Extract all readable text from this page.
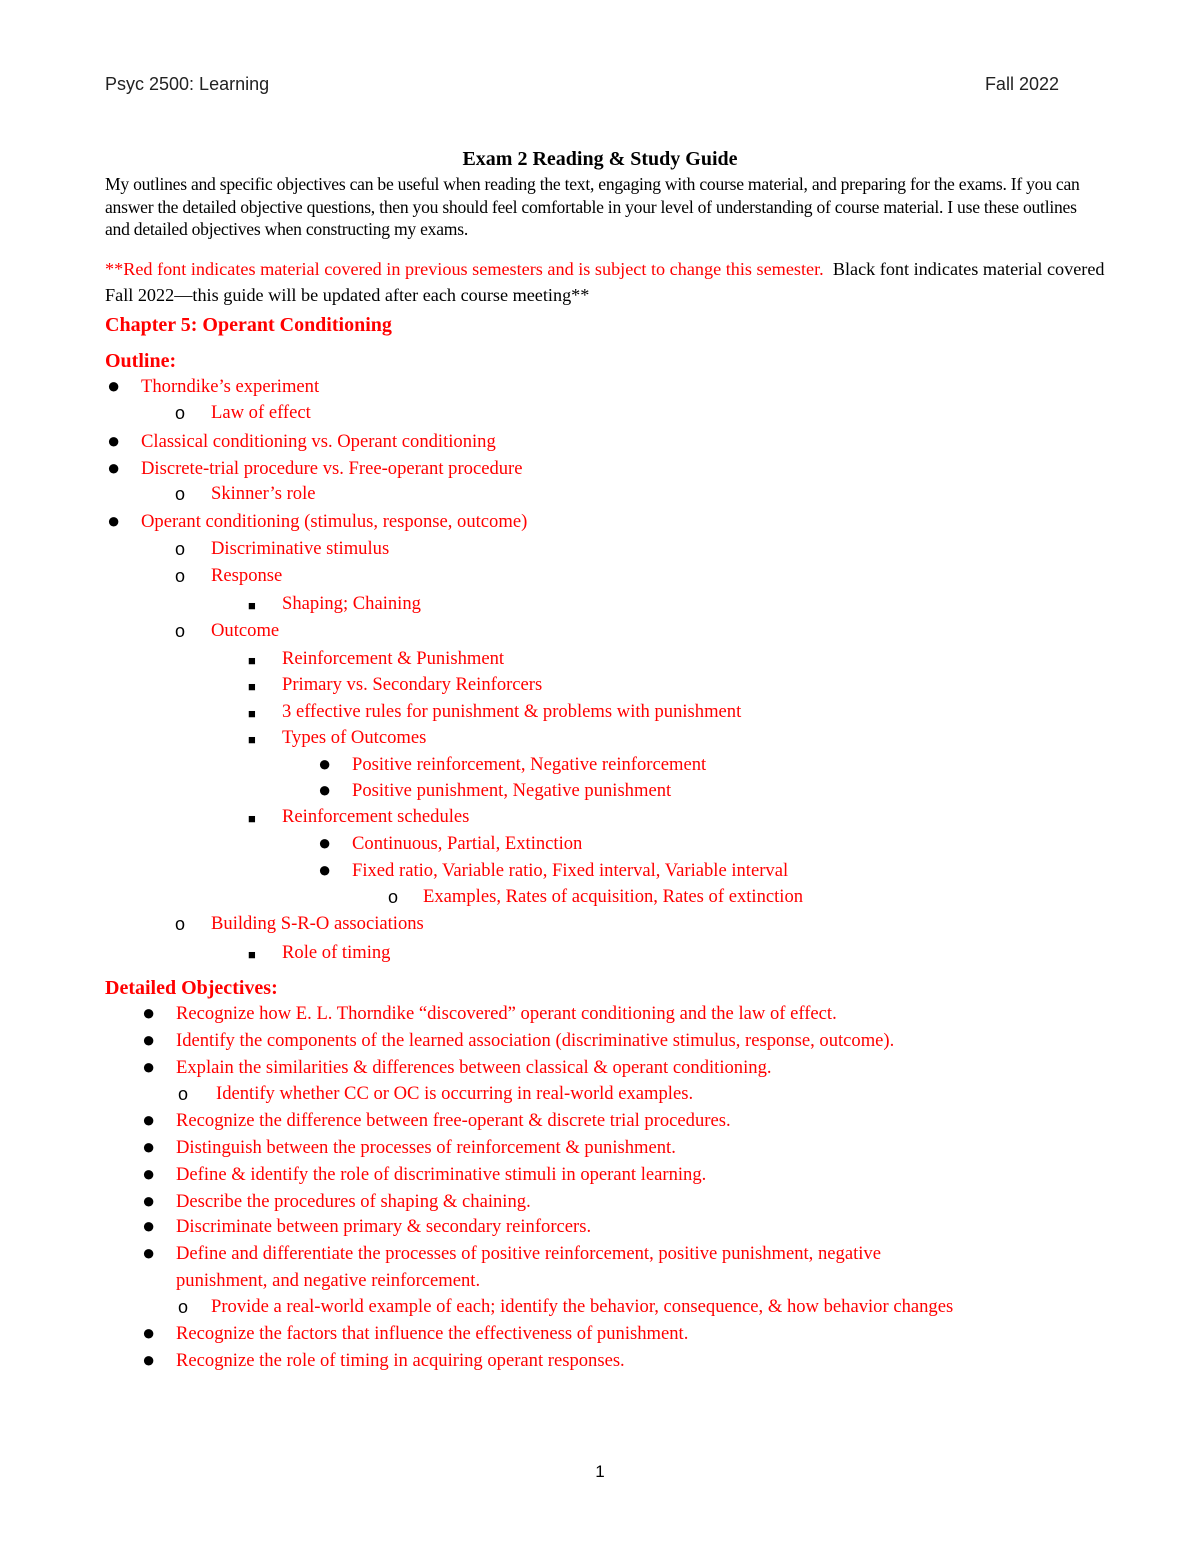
Psyc 2500: Learning	Fall 2022
Exam 2 Reading & Study Guide
My outlines and specific objectives can be useful when reading the text, engaging with course material, and preparing for the exams. If you can answer the detailed objective questions, then you should feel comfortable in your level of understanding of course material. I use these outlines and detailed objectives when constructing my exams.
**Red font indicates material covered in previous semesters and is subject to change this semester. Black font indicates material covered Fall 2022—this guide will be updated after each course meeting**
Chapter 5: Operant Conditioning
Outline:
Detailed Objectives:
● Thorndike’s experiment
o Law of effect
● Classical conditioning vs. Operant conditioning
● Discrete-trial procedure vs. Free-operant procedure
o Skinner’s role
● Operant conditioning (stimulus, response, outcome)
o Discriminative stimulus
o Response
■ Shaping; Chaining
o Outcome
■ Reinforcement & Punishment
■ Primary vs. Secondary Reinforcers
■ 3 effective rules for punishment & problems with punishment
■ Types of Outcomes
● Positive reinforcement, Negative reinforcement
● Positive punishment, Negative punishment
■ Reinforcement schedules
● Continuous, Partial, Extinction
● Fixed ratio, Variable ratio, Fixed interval, Variable interval
o Examples, Rates of acquisition, Rates of extinction
o Building S-R-O associations
■ Role of timing
● Recognize how E. L. Thorndike “discovered” operant conditioning and the law of effect.
● Identify the components of the learned association (discriminative stimulus, response, outcome).
● Explain the similarities & differences between classical & operant conditioning.
o Identify whether CC or OC is occurring in real-world examples.
● Recognize the difference between free-operant & discrete trial procedures.
● Distinguish between the processes of reinforcement & punishment.
● Define & identify the role of discriminative stimuli in operant learning.
● Describe the procedures of shaping & chaining.
● Discriminate between primary & secondary reinforcers.
● Define and differentiate the processes of positive reinforcement, positive punishment, negative
punishment, and negative reinforcement.
o Provide a real-world example of each; identify the behavior, consequence, & how behavior changes
● Recognize the factors that influence the effectiveness of punishment.
● Recognize the role of timing in acquiring operant responses.
1
